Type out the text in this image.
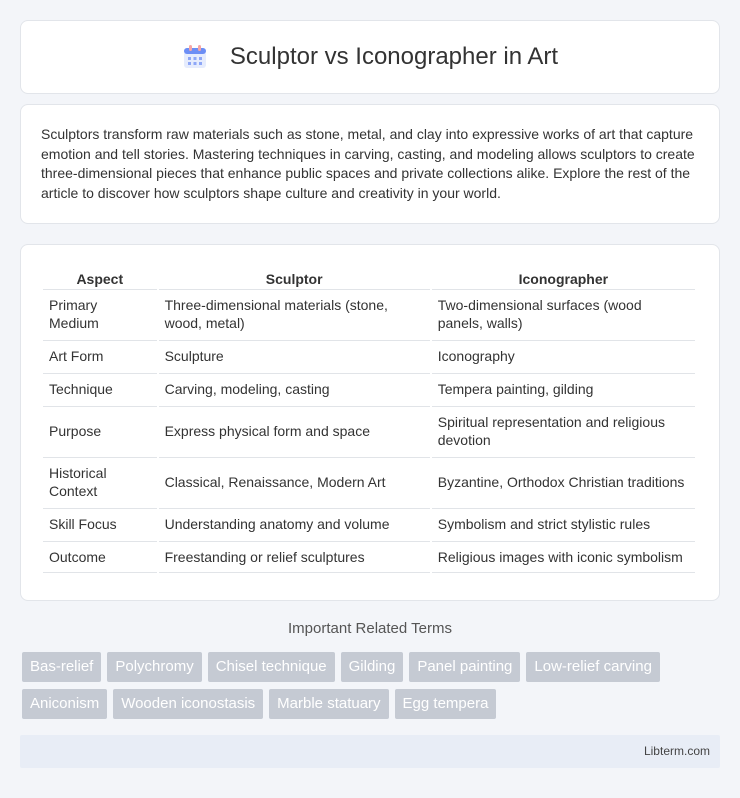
Sculptor vs Iconographer in Art

Sculptors transform raw materials such as stone, metal, and clay into expressive works of art that capture emotion and tell stories. Mastering techniques in carving, casting, and modeling allows sculptors to create three-dimensional pieces that enhance public spaces and private collections alike. Explore the rest of the article to discover how sculptors shape culture and creativity in your world.

Aspect	Sculptor	Iconographer
Primary Medium	Three-dimensional materials (stone, wood, metal)	Two-dimensional surfaces (wood panels, walls)
Art Form	Sculpture	Iconography
Technique	Carving, modeling, casting	Tempera painting, gilding
Purpose	Express physical form and space	Spiritual representation and religious devotion
Historical Context	Classical, Renaissance, Modern Art	Byzantine, Orthodox Christian traditions
Skill Focus	Understanding anatomy and volume	Symbolism and strict stylistic rules
Outcome	Freestanding or relief sculptures	Religious images with iconic symbolism
Important Related Terms
Bas-relief	Polychromy	Chisel technique	Gilding	Panel painting	Low-relief carving
Aniconism	Wooden iconostasis	Marble statuary	Egg tempera
Libterm.com
